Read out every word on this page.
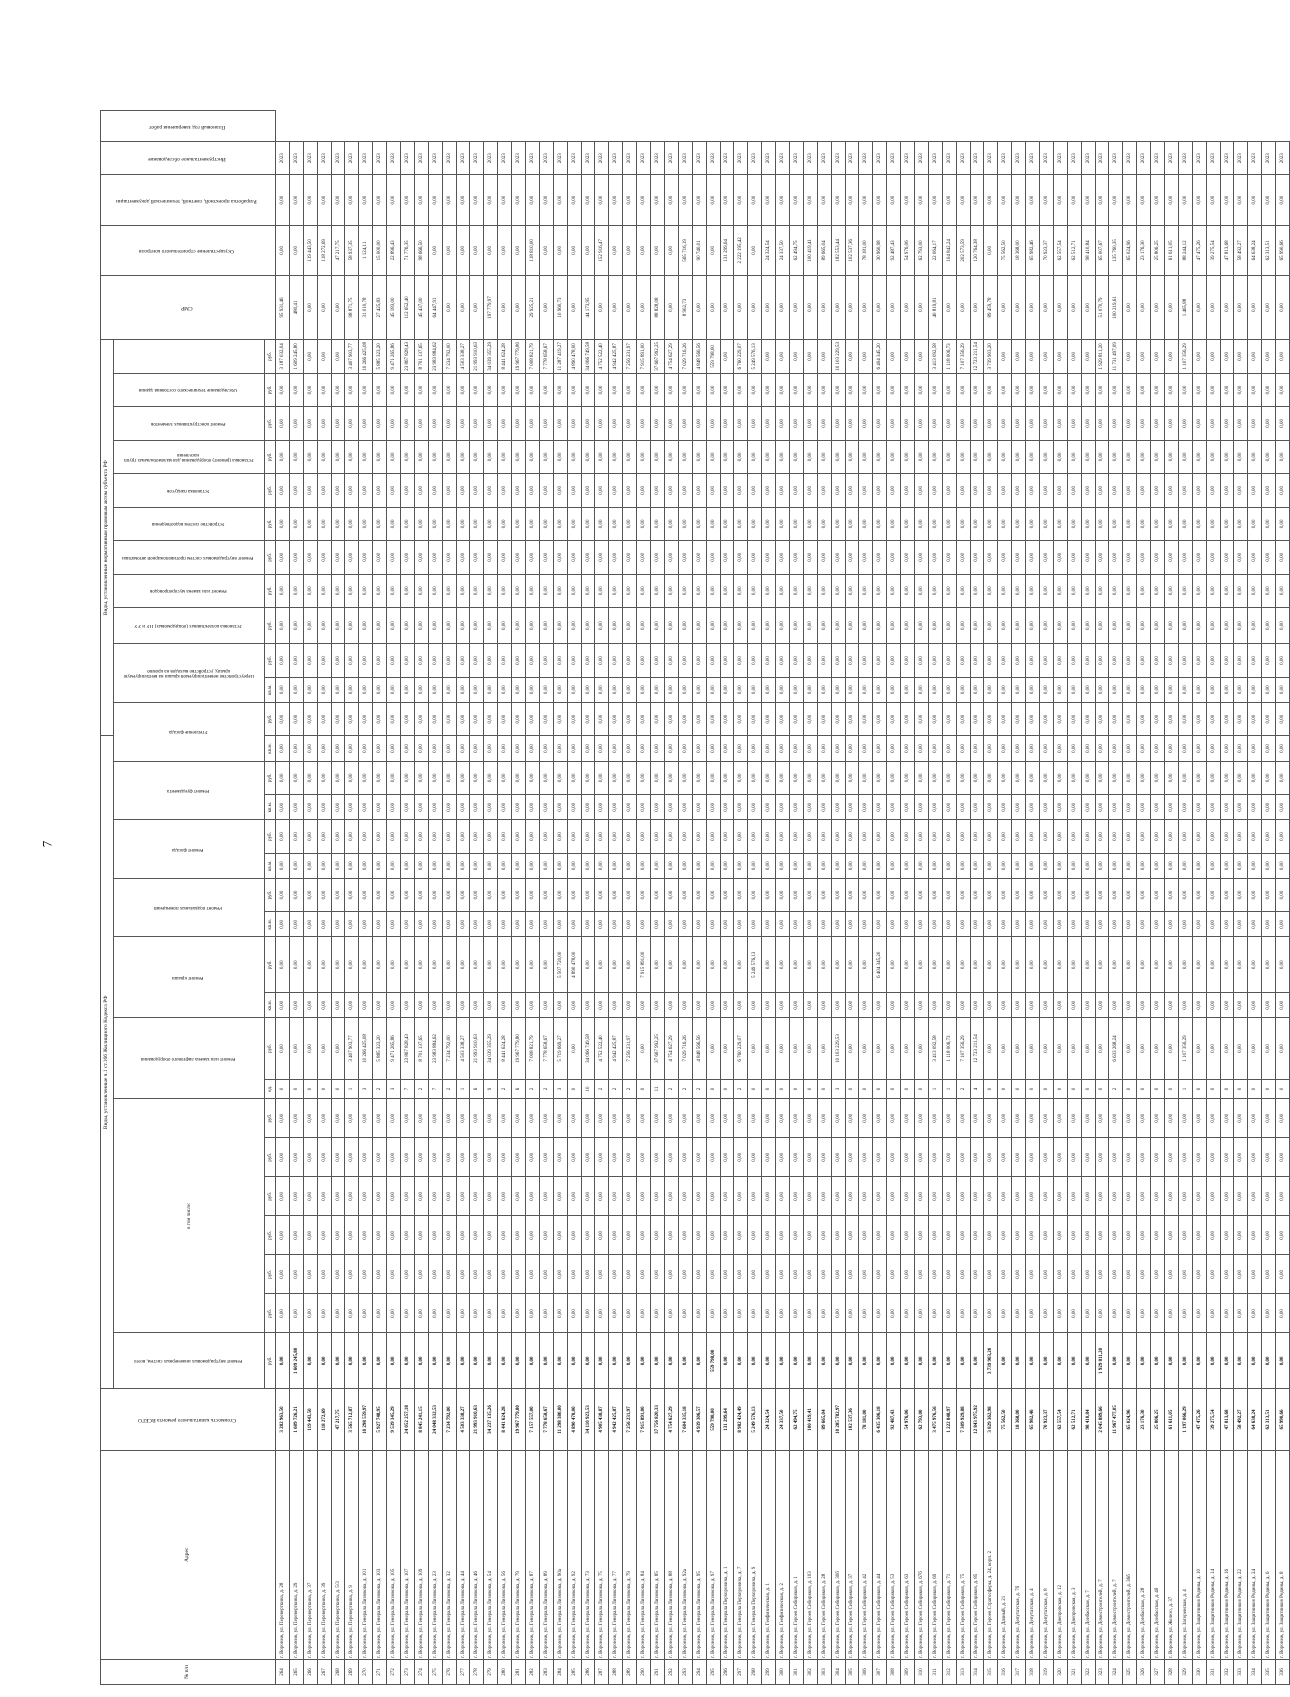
7
№ п/п	Адрес	Стоимость капитального ремонта ВСЕГО	Виды, установленные ч.1 ст.166 Жилищного Кодекса РФ																		Виды, установленные нормативным правовым актом субъекта РФ												СМР	Осуществление строительного контроля	Разработка проектной, сметной, технической документации	Инструментальное обследование	Плановый год завершения работ
			Ремонт внутридомовых инженерных систем, всего	в том числе:						Ремонт или замена лифтового оборудования		Ремонт крыши		Ремонт подвальных помещений		Ремонт фасада		Ремонт фундамента		Утепление фасада		Переустройство невентилируемой крыши на вентилируемую крышу, устройство выходов на кровлю		Установка коллективных (общедомовых) ПУ и УУ	Ремонт или замена мусоропроводов	Ремонт внутридомовых систем противопожарной автоматики	Устройство систем водоотведения	Установка пандусов	Установка (ремонт) оборудования для маломобильных групп населения	Ремонт конструктивных элементов	Обследование технического состояния здания						
			руб.	руб.	руб.	руб.	руб.	руб.	руб.	ед.	руб.	кв.м.	руб.	кв.м.	руб.	кв.м.	руб.	кв.м.	руб.	кв.м.	руб.	кв.м.	руб.	руб.	руб.	руб.	руб.	руб.	руб.	руб.	руб.	руб.					
264	г. Воронеж, ул. Переверткина, д. 28	3 282 963,50	0,00	0,00	0,00	0,00	0,00	0,00	0,00	0	0,00	0,00	0,00	0,00	0,00	0,00	0,00	0,00	0,00	0,00	0,00	0,00	0,00	0,00	0,00	0,00	0,00	0,00	0,00	0,00	0,00	3 187 032,04	95 931,46	0,00	0,00	2023	
265	г. Воронеж, ул. Переверткина, д. 29	1 609 726,21	1 609 245,80	0,00	0,00	0,00	0,00	0,00	0,00	0	0,00	0,00	0,00	0,00	0,00	0,00	0,00	0,00	0,00	0,00	0,00	0,00	0,00	0,00	0,00	0,00	0,00	0,00	0,00	0,00	0,00	1 609 245,80	480,41	0,00	0,00	2023	
266	г. Воронеж, ул. Переверткина, д. 37	119 443,50	0,00	0,00	0,00	0,00	0,00	0,00	0,00	0	0,00	0,00	0,00	0,00	0,00	0,00	0,00	0,00	0,00	0,00	0,00	0,00	0,00	0,00	0,00	0,00	0,00	0,00	0,00	0,00	0,00	0,00	0,00	119 443,50	0,00	2023	
267	г. Воронеж, ул. Переверткина, д. 39	118 272,69	0,00	0,00	0,00	0,00	0,00	0,00	0,00	0	0,00	0,00	0,00	0,00	0,00	0,00	0,00	0,00	0,00	0,00	0,00	0,00	0,00	0,00	0,00	0,00	0,00	0,00	0,00	0,00	0,00	0,00	0,00	118 272,69	0,00	2023	
268	г. Воронеж, ул. Переверткина, д. 5/3	47 217,75	0,00	0,00	0,00	0,00	0,00	0,00	0,00	0	0,00	0,00	0,00	0,00	0,00	0,00	0,00	0,00	0,00	0,00	0,00	0,00	0,00	0,00	0,00	0,00	0,00	0,00	0,00	0,00	0,00	0,00	0,00	47 217,75	0,00	2023	
269	г. Воронеж, ул. Переверткина, д. 9	3 565 712,87	0,00	0,00	0,00	0,00	0,00	0,00	0,00	1	3 407 903,77	0,00	0,00	0,00	0,00	0,00	0,00	0,00	0,00	0,00	0,00	0,00	0,00	0,00	0,00	0,00	0,00	0,00	0,00	0,00	0,00	3 407 903,77	98 871,75	58 937,35	0,00	2023	
270	г. Воронеж, ул. Генерала Лизюкова, д. 101	10 298 559,97	0,00	0,00	0,00	0,00	0,00	0,00	0,00	3	10 266 425,08	0,00	0,00	0,00	0,00	0,00	0,00	0,00	0,00	0,00	0,00	0,00	0,00	0,00	0,00	0,00	0,00	0,00	0,00	0,00	0,00	10 266 425,08	31 010,78	1 124,11	0,00	2023	
271	г. Воронеж, ул. Генерала Лизюкова, д. 103	5 927 748,95	0,00	0,00	0,00	0,00	0,00	0,00	0,00	2	5 885 323,20	0,00	0,00	0,00	0,00	0,00	0,00	0,00	0,00	0,00	0,00	0,00	0,00	0,00	0,00	0,00	0,00	0,00	0,00	0,00	0,00	5 885 323,20	27 425,83	15 000,00	0,00	2023	
272	г. Воронеж, ул. Генерала Лизюкова, д. 105	9 539 345,29	0,00	0,00	0,00	0,00	0,00	0,00	0,00	3	9 471 265,86	0,00	0,00	0,00	0,00	0,00	0,00	0,00	0,00	0,00	0,00	0,00	0,00	0,00	0,00	0,00	0,00	0,00	0,00	0,00	0,00	9 471 265,86	45 183,00	22 896,43	0,00	2023	
273	г. Воронеж, ул. Генерала Лизюкова, д. 107	24 052 257,18	0,00	0,00	0,00	0,00	0,00	0,00	0,00	7	23 867 828,43	0,00	0,00	0,00	0,00	0,00	0,00	0,00	0,00	0,00	0,00	0,00	0,00	0,00	0,00	0,00	0,00	0,00	0,00	0,00	0,00	23 867 828,43	112 652,40	71 776,35	0,00	2023	
274	г. Воронеж, ул. Генерала Лизюкова, д. 109	8 845 241,15	0,00	0,00	0,00	0,00	0,00	0,00	0,00	2	8 701 137,65	0,00	0,00	0,00	0,00	0,00	0,00	0,00	0,00	0,00	0,00	0,00	0,00	0,00	0,00	0,00	0,00	0,00	0,00	0,00	0,00	8 701 137,65	45 437,00	98 666,50	0,00	2023	
275	г. Воронеж, ул. Генерала Лизюкова, д. 23	24 048 332,53	0,00	0,00	0,00	0,00	0,00	0,00	0,00	7	23 983 884,62	0,00	0,00	0,00	0,00	0,00	0,00	0,00	0,00	0,00	0,00	0,00	0,00	0,00	0,00	0,00	0,00	0,00	0,00	0,00	0,00	23 983 884,62	64 447,91	0,00	0,00	2023	
276	г. Воронеж, ул. Генерала Лизюкова, д. 32	7 234 792,00	0,00	0,00	0,00	0,00	0,00	0,00	0,00	2	7 234 792,00	0,00	0,00	0,00	0,00	0,00	0,00	0,00	0,00	0,00	0,00	0,00	0,00	0,00	0,00	0,00	0,00	0,00	0,00	0,00	0,00	7 234 792,00	0,00	0,00	0,00	2023	
277	г. Воронеж, ул. Генерала Лизюкова, д. 44	4 503 338,27	0,00	0,00	0,00	0,00	0,00	0,00	0,00	1	4 503 338,27	0,00	0,00	0,00	0,00	0,00	0,00	0,00	0,00	0,00	0,00	0,00	0,00	0,00	0,00	0,00	0,00	0,00	0,00	0,00	0,00	4 503 338,27	0,00	0,00	0,00	2023	
278	г. Воронеж, ул. Генерала Лизюкова, д. 46	21 993 910,63	0,00	0,00	0,00	0,00	0,00	0,00	0,00	6	21 993 910,63	0,00	0,00	0,00	0,00	0,00	0,00	0,00	0,00	0,00	0,00	0,00	0,00	0,00	0,00	0,00	0,00	0,00	0,00	0,00	0,00	21 993 910,63	0,00	0,00	0,00	2023	
279	г. Воронеж, ул. Генерала Лизюкова, д. 54	34 237 135,26	0,00	0,00	0,00	0,00	0,00	0,00	0,00	9	34 039 355,29	0,00	0,00	0,00	0,00	0,00	0,00	0,00	0,00	0,00	0,00	0,00	0,00	0,00	0,00	0,00	0,00	0,00	0,00	0,00	0,00	34 039 355,29	197 779,97	0,00	0,00	2023	
280	г. Воронеж, ул. Генерала Лизюкова, д. 56	8 441 624,28	0,00	0,00	0,00	0,00	0,00	0,00	0,00	2	8 441 624,28	0,00	0,00	0,00	0,00	0,00	0,00	0,00	0,00	0,00	0,00	0,00	0,00	0,00	0,00	0,00	0,00	0,00	0,00	0,00	0,00	8 441 624,28	0,00	0,00	0,00	2023	
281	г. Воронеж, ул. Генерала Лизюкова, д. 79	19 967 779,80	0,00	0,00	0,00	0,00	0,00	0,00	0,00	6	19 967 779,80	0,00	0,00	0,00	0,00	0,00	0,00	0,00	0,00	0,00	0,00	0,00	0,00	0,00	0,00	0,00	0,00	0,00	0,00	0,00	0,00	19 967 779,80	0,00	0,00	0,00	2023	
282	г. Воронеж, ул. Генерала Лизюкова, д. 87	7 157 557,00	0,00	0,00	0,00	0,00	0,00	0,00	0,00	2	7 008 821,79	0,00	0,00	0,00	0,00	0,00	0,00	0,00	0,00	0,00	0,00	0,00	0,00	0,00	0,00	0,00	0,00	0,00	0,00	0,00	0,00	7 008 821,79	29 925,21	118 810,00	0,00	2023	
283	г. Воронеж, ул. Генерала Лизюкова, д. 89	7 778 658,67	0,00	0,00	0,00	0,00	0,00	0,00	0,00	2	7 778 658,67	0,00	0,00	0,00	0,00	0,00	0,00	0,00	0,00	0,00	0,00	0,00	0,00	0,00	0,00	0,00	0,00	0,00	0,00	0,00	0,00	7 778 658,67	0,00	0,00	0,00	2023	
284	г. Воронеж, ул. Генерала Лизюкова, д. 90а	11 298 380,00	0,00	0,00	0,00	0,00	0,00	0,00	0,00	3	5 719 669,27	0,00	5 507 720,00	0,00	0,00	0,00	0,00	0,00	0,00	0,00	0,00	0,00	0,00	0,00	0,00	0,00	0,00	0,00	0,00	0,00	0,00	11 287 419,27	10 960,73	0,00	0,00	2023	
285	г. Воронеж, ул. Генерала Лизюкова, д. 92	4 890 478,00	0,00	0,00	0,00	0,00	0,00	0,00	0,00	0	0,00	0,00	4 890 478,00	0,00	0,00	0,00	0,00	0,00	0,00	0,00	0,00	0,00	0,00	0,00	0,00	0,00	0,00	0,00	0,00	0,00	0,00	4 890 478,00	0,00	0,00	0,00	2023	
286	г. Воронеж, ул. Генерала Лизюкова, д. 73	34 110 923,53	0,00	0,00	0,00	0,00	0,00	0,00	0,00	10	34 066 749,58	0,00	0,00	0,00	0,00	0,00	0,00	0,00	0,00	0,00	0,00	0,00	0,00	0,00	0,00	0,00	0,00	0,00	0,00	0,00	0,00	34 066 749,58	44 173,95	0,00	0,00	2023	
287	г. Воронеж, ул. Генерала Лизюкова, д. 75	4 905 438,87	0,00	0,00	0,00	0,00	0,00	0,00	0,00	2	4 752 522,40	0,00	0,00	0,00	0,00	0,00	0,00	0,00	0,00	0,00	0,00	0,00	0,00	0,00	0,00	0,00	0,00	0,00	0,00	0,00	0,00	4 752 522,40	0,00	152 916,47	0,00	2023	
288	г. Воронеж, ул. Генерала Лизюкова, д. 77	4 942 425,87	0,00	0,00	0,00	0,00	0,00	0,00	0,00	2	4 942 425,87	0,00	0,00	0,00	0,00	0,00	0,00	0,00	0,00	0,00	0,00	0,00	0,00	0,00	0,00	0,00	0,00	0,00	0,00	0,00	0,00	4 942 425,87	0,00	0,00	0,00	2023	
289	г. Воронеж, ул. Генерала Лизюкова, д. 79	7 256 231,97	0,00	0,00	0,00	0,00	0,00	0,00	0,00	2	7 256 231,97	0,00	0,00	0,00	0,00	0,00	0,00	0,00	0,00	0,00	0,00	0,00	0,00	0,00	0,00	0,00	0,00	0,00	0,00	0,00	0,00	7 256 231,97	0,00	0,00	0,00	2023	
290	г. Воронеж, ул. Генерала Лизюкова, д. 84	7 915 891,00	0,00	0,00	0,00	0,00	0,00	0,00	0,00	0	0,00	0,00	7 915 891,00	0,00	0,00	0,00	0,00	0,00	0,00	0,00	0,00	0,00	0,00	0,00	0,00	0,00	0,00	0,00	0,00	0,00	0,00	7 915 891,00	0,00	0,00	0,00	2023	
291	г. Воронеж, ул. Генерала Лизюкова, д. 85	37 756 820,33	0,00	0,00	0,00	0,00	0,00	0,00	0,00	11	37 667 992,25	0,00	0,00	0,00	0,00	0,00	0,00	0,00	0,00	0,00	0,00	0,00	0,00	0,00	0,00	0,00	0,00	0,00	0,00	0,00	0,00	37 667 992,25	88 828,08	0,00	0,00	2023	
292	г. Воронеж, ул. Генерала Лизюкова, д. 88	4 754 627,29	0,00	0,00	0,00	0,00	0,00	0,00	0,00	2	4 754 627,29	0,00	0,00	0,00	0,00	0,00	0,00	0,00	0,00	0,00	0,00	0,00	0,00	0,00	0,00	0,00	0,00	0,00	0,00	0,00	0,00	4 754 627,29	0,00	0,00	0,00	2023	
293	г. Воронеж, ул. Генерала Лизюкова, д. 92а	7 604 335,18	0,00	0,00	0,00	0,00	0,00	0,00	0,00	2	7 029 716,26	0,00	0,00	0,00	0,00	0,00	0,00	0,00	0,00	0,00	0,00	0,00	0,00	0,00	0,00	0,00	0,00	0,00	0,00	0,00	0,00	7 029 716,26	8 902,73	565 716,19	0,00	2023	
294	г. Воронеж, ул. Генерала Лизюкова, д. 95	4 939 306,57	0,00	0,00	0,00	0,00	0,00	0,00	0,00	2	4 848 566,56	0,00	0,00	0,00	0,00	0,00	0,00	0,00	0,00	0,00	0,00	0,00	0,00	0,00	0,00	0,00	0,00	0,00	0,00	0,00	0,00	4 848 566,56	0,00	90 740,01	0,00	2023	
295	г. Воронеж, ул. Генерала Лизюкова, д. 97	559 798,00	559 798,00	0,00	0,00	0,00	0,00	0,00	0,00	0	0,00	0,00	0,00	0,00	0,00	0,00	0,00	0,00	0,00	0,00	0,00	0,00	0,00	0,00	0,00	0,00	0,00	0,00	0,00	0,00	0,00	559 798,00	0,00	0,00	0,00	2023	
296	г. Воронеж, ул. Генерала Перхоровича, д. 1	131 299,64	0,00	0,00	0,00	0,00	0,00	0,00	0,00	0	0,00	0,00	0,00	0,00	0,00	0,00	0,00	0,00	0,00	0,00	0,00	0,00	0,00	0,00	0,00	0,00	0,00	0,00	0,00	0,00	0,00	0,00	0,00	131 299,64	0,00	2023	
297	г. Воронеж, ул. Генерала Перхоровича, д. 7	8 982 424,49	0,00	0,00	0,00	0,00	0,00	0,00	0,00	2	6 760 229,07	0,00	0,00	0,00	0,00	0,00	0,00	0,00	0,00	0,00	0,00	0,00	0,00	0,00	0,00	0,00	0,00	0,00	0,00	0,00	0,00	6 760 229,07	0,00	2 222 195,42	0,00	2023	
298	г. Воронеж, ул. Генерала Перхоровича, д. 9	5 249 576,13	0,00	0,00	0,00	0,00	0,00	0,00	0,00	0	0,00	0,00	5 249 576,13	0,00	0,00	0,00	0,00	0,00	0,00	0,00	0,00	0,00	0,00	0,00	0,00	0,00	0,00	0,00	0,00	0,00	0,00	5 249 576,13	0,00	0,00	0,00	2023	
299	г. Воронеж, ул. Геофизическая, д. 1	24 324,54	0,00	0,00	0,00	0,00	0,00	0,00	0,00	0	0,00	0,00	0,00	0,00	0,00	0,00	0,00	0,00	0,00	0,00	0,00	0,00	0,00	0,00	0,00	0,00	0,00	0,00	0,00	0,00	0,00	0,00	0,00	24 324,54	0,00	2023	
300	г. Воронеж, ул. Геофизическая, д. 2	24 337,50	0,00	0,00	0,00	0,00	0,00	0,00	0,00	0	0,00	0,00	0,00	0,00	0,00	0,00	0,00	0,00	0,00	0,00	0,00	0,00	0,00	0,00	0,00	0,00	0,00	0,00	0,00	0,00	0,00	0,00	0,00	24 337,50	0,00	2023	
301	г. Воронеж, ул. Героев Сибиряков, д. 1	62 494,75	0,00	0,00	0,00	0,00	0,00	0,00	0,00	0	0,00	0,00	0,00	0,00	0,00	0,00	0,00	0,00	0,00	0,00	0,00	0,00	0,00	0,00	0,00	0,00	0,00	0,00	0,00	0,00	0,00	0,00	0,00	62 494,75	0,00	2023	
302	г. Воронеж, ул. Героев Сибиряков, д. 103	100 419,41	0,00	0,00	0,00	0,00	0,00	0,00	0,00	0	0,00	0,00	0,00	0,00	0,00	0,00	0,00	0,00	0,00	0,00	0,00	0,00	0,00	0,00	0,00	0,00	0,00	0,00	0,00	0,00	0,00	0,00	0,00	100 419,41	0,00	2023	
303	г. Воронеж, ул. Героев Сибиряков, д. 28	89 665,04	0,00	0,00	0,00	0,00	0,00	0,00	0,00	0	0,00	0,00	0,00	0,00	0,00	0,00	0,00	0,00	0,00	0,00	0,00	0,00	0,00	0,00	0,00	0,00	0,00	0,00	0,00	0,00	0,00	0,00	0,00	89 665,04	0,00	2023	
304	г. Воронеж, ул. Героев Сибиряков, д. 30б	10 285 782,97	0,00	0,00	0,00	0,00	0,00	0,00	0,00	3	10 103 229,53	0,00	0,00	0,00	0,00	0,00	0,00	0,00	0,00	0,00	0,00	0,00	0,00	0,00	0,00	0,00	0,00	0,00	0,00	0,00	0,00	10 103 229,53	0,00	182 553,44	0,00	2023	
305	г. Воронеж, ул. Героев Сибиряков, д. 37	102 537,36	0,00	0,00	0,00	0,00	0,00	0,00	0,00	0	0,00	0,00	0,00	0,00	0,00	0,00	0,00	0,00	0,00	0,00	0,00	0,00	0,00	0,00	0,00	0,00	0,00	0,00	0,00	0,00	0,00	0,00	0,00	102 537,36	0,00	2023	
306	г. Воронеж, ул. Героев Сибиряков, д. 42	78 181,00	0,00	0,00	0,00	0,00	0,00	0,00	0,00	0	0,00	0,00	0,00	0,00	0,00	0,00	0,00	0,00	0,00	0,00	0,00	0,00	0,00	0,00	0,00	0,00	0,00	0,00	0,00	0,00	0,00	0,00	0,00	78 181,00	0,00	2023	
307	г. Воронеж, ул. Героев Сибиряков, д. 44	6 435 306,18	0,00	0,00	0,00	0,00	0,00	0,00	0,00	0	0,00	0,00	6 404 345,20	0,00	0,00	0,00	0,00	0,00	0,00	0,00	0,00	0,00	0,00	0,00	0,00	0,00	0,00	0,00	0,00	0,00	0,00	6 404 345,20	0,00	30 960,98	0,00	2023	
308	г. Воронеж, ул. Героев Сибиряков, д. 53	92 487,43	0,00	0,00	0,00	0,00	0,00	0,00	0,00	0	0,00	0,00	0,00	0,00	0,00	0,00	0,00	0,00	0,00	0,00	0,00	0,00	0,00	0,00	0,00	0,00	0,00	0,00	0,00	0,00	0,00	0,00	0,00	92 487,43	0,00	2023	
309	г. Воронеж, ул. Героев Сибиряков, д. 63	54 976,06	0,00	0,00	0,00	0,00	0,00	0,00	0,00	0	0,00	0,00	0,00	0,00	0,00	0,00	0,00	0,00	0,00	0,00	0,00	0,00	0,00	0,00	0,00	0,00	0,00	0,00	0,00	0,00	0,00	0,00	0,00	54 976,06	0,00	2023	
310	г. Воронеж, ул. Героев Сибиряков, д. 67б	62 793,00	0,00	0,00	0,00	0,00	0,00	0,00	0,00	0	0,00	0,00	0,00	0,00	0,00	0,00	0,00	0,00	0,00	0,00	0,00	0,00	0,00	0,00	0,00	0,00	0,00	0,00	0,00	0,00	0,00	0,00	0,00	62 793,00	0,00	2023	
311	г. Воронеж, ул. Героев Сибиряков, д. 69	3 475 976,56	0,00	0,00	0,00	0,00	0,00	0,00	0,00	1	3 413 092,58	0,00	0,00	0,00	0,00	0,00	0,00	0,00	0,00	0,00	0,00	0,00	0,00	0,00	0,00	0,00	0,00	0,00	0,00	0,00	0,00	3 413 092,58	40 819,81	22 064,17	0,00	2023	
312	г. Воронеж, ул. Героев Сибиряков, д. 71	1 222 848,97	0,00	0,00	0,00	0,00	0,00	0,00	0,00	1	1 118 006,73	0,00	0,00	0,00	0,00	0,00	0,00	0,00	0,00	0,00	0,00	0,00	0,00	0,00	0,00	0,00	0,00	0,00	0,00	0,00	0,00	1 118 006,73	0,00	104 842,24	0,00	2023	
313	г. Воронеж, ул. Героев Сибиряков, д. 75	7 309 929,88	0,00	0,00	0,00	0,00	0,00	0,00	0,00	2	7 107 356,29	0,00	0,00	0,00	0,00	0,00	0,00	0,00	0,00	0,00	0,00	0,00	0,00	0,00	0,00	0,00	0,00	0,00	0,00	0,00	0,00	7 107 356,29	0,00	202 573,59	0,00	2023	
314	г. Воронеж, ул. Героев Сибиряков, д. 85	12 843 975,92	0,00	0,00	0,00	0,00	0,00	0,00	0,00	4	12 723 211,54	0,00	0,00	0,00	0,00	0,00	0,00	0,00	0,00	0,00	0,00	0,00	0,00	0,00	0,00	0,00	0,00	0,00	0,00	0,00	0,00	12 723 211,54	0,00	120 764,38	0,00	2023	
315	г. Воронеж, ул. Героев Стратосферы, д. 24, корп. 2	3 829 362,98	3 739 903,20	0,00	0,00	0,00	0,00	0,00	0,00	0	0,00	0,00	0,00	0,00	0,00	0,00	0,00	0,00	0,00	0,00	0,00	0,00	0,00	0,00	0,00	0,00	0,00	0,00	0,00	0,00	0,00	3 739 903,20	89 459,78	0,00	0,00	2023	
316	г. Воронеж, ул. Дачный, д. 21	75 562,50	0,00	0,00	0,00	0,00	0,00	0,00	0,00	0	0,00	0,00	0,00	0,00	0,00	0,00	0,00	0,00	0,00	0,00	0,00	0,00	0,00	0,00	0,00	0,00	0,00	0,00	0,00	0,00	0,00	0,00	0,00	75 562,50	0,00	2023	
317	г. Воронеж, ул. Депутатская, д. 7б	18 368,00	0,00	0,00	0,00	0,00	0,00	0,00	0,00	0	0,00	0,00	0,00	0,00	0,00	0,00	0,00	0,00	0,00	0,00	0,00	0,00	0,00	0,00	0,00	0,00	0,00	0,00	0,00	0,00	0,00	0,00	0,00	18 368,00	0,00	2023	
318	г. Воронеж, ул. Депутатская, д. 4	65 982,46	0,00	0,00	0,00	0,00	0,00	0,00	0,00	0	0,00	0,00	0,00	0,00	0,00	0,00	0,00	0,00	0,00	0,00	0,00	0,00	0,00	0,00	0,00	0,00	0,00	0,00	0,00	0,00	0,00	0,00	0,00	65 982,46	0,00	2023	
319	г. Воронеж, ул. Депутатская, д. 8	70 923,37	0,00	0,00	0,00	0,00	0,00	0,00	0,00	0	0,00	0,00	0,00	0,00	0,00	0,00	0,00	0,00	0,00	0,00	0,00	0,00	0,00	0,00	0,00	0,00	0,00	0,00	0,00	0,00	0,00	0,00	0,00	70 923,37	0,00	2023	
320	г. Воронеж, ул. Днепровская, д. 12	62 557,54	0,00	0,00	0,00	0,00	0,00	0,00	0,00	0	0,00	0,00	0,00	0,00	0,00	0,00	0,00	0,00	0,00	0,00	0,00	0,00	0,00	0,00	0,00	0,00	0,00	0,00	0,00	0,00	0,00	0,00	0,00	62 557,54	0,00	2023	
321	г. Воронеж, ул. Днепровская, д. 3	62 512,71	0,00	0,00	0,00	0,00	0,00	0,00	0,00	0	0,00	0,00	0,00	0,00	0,00	0,00	0,00	0,00	0,00	0,00	0,00	0,00	0,00	0,00	0,00	0,00	0,00	0,00	0,00	0,00	0,00	0,00	0,00	62 512,71	0,00	2023	
322	г. Воронеж, ул. Донбасская, д. 7	98 410,84	0,00	0,00	0,00	0,00	0,00	0,00	0,00	0	0,00	0,00	0,00	0,00	0,00	0,00	0,00	0,00	0,00	0,00	0,00	0,00	0,00	0,00	0,00	0,00	0,00	0,00	0,00	0,00	0,00	0,00	0,00	98 410,84	0,00	2023	
323	г. Воронеж, ул. Домостроителей, д. 7	2 045 889,66	1 929 811,20	0,00	0,00	0,00	0,00	0,00	0,00	0	0,00	0,00	0,00	0,00	0,00	0,00	0,00	0,00	0,00	0,00	0,00	0,00	0,00	0,00	0,00	0,00	0,00	0,00	0,00	0,00	0,00	1 929 811,20	51 070,79	65 007,67	0,00	2023	
324	г. Воронеж, ул. Домостроителей, д. 7	11 967 477,05	0,00	0,00	0,00	0,00	0,00	0,00	0,00	2	6 633 268,24	0,00	0,00	0,00	0,00	0,00	0,00	0,00	0,00	0,00	0,00	0,00	0,00	0,00	0,00	0,00	0,00	0,00	0,00	0,00	0,00	11 731 497,09	100 219,61	135 760,35	0,00	2023	
325	г. Воронеж, ул. Домостроителей, д. 36б	65 024,96	0,00	0,00	0,00	0,00	0,00	0,00	0,00	0	0,00	0,00	0,00	0,00	0,00	0,00	0,00	0,00	0,00	0,00	0,00	0,00	0,00	0,00	0,00	0,00	0,00	0,00	0,00	0,00	0,00	0,00	0,00	65 024,96	0,00	2023	
326	г. Воронеж, ул. Донбасская, д. 28	23 176,30	0,00	0,00	0,00	0,00	0,00	0,00	0,00	0	0,00	0,00	0,00	0,00	0,00	0,00	0,00	0,00	0,00	0,00	0,00	0,00	0,00	0,00	0,00	0,00	0,00	0,00	0,00	0,00	0,00	0,00	0,00	23 176,30	0,00	2023	
327	г. Воронеж, ул. Донбасская, д. 4б	25 806,25	0,00	0,00	0,00	0,00	0,00	0,00	0,00	0	0,00	0,00	0,00	0,00	0,00	0,00	0,00	0,00	0,00	0,00	0,00	0,00	0,00	0,00	0,00	0,00	0,00	0,00	0,00	0,00	0,00	0,00	0,00	25 806,25	0,00	2023	
328	г. Воронеж, ул. Железо, д. 37	61 611,05	0,00	0,00	0,00	0,00	0,00	0,00	0,00	0	0,00	0,00	0,00	0,00	0,00	0,00	0,00	0,00	0,00	0,00	0,00	0,00	0,00	0,00	0,00	0,00	0,00	0,00	0,00	0,00	0,00	0,00	0,00	61 611,05	0,00	2023	
329	г. Воронеж, ул. Загоренская, д. 4	1 197 066,29	0,00	0,00	0,00	0,00	0,00	0,00	0,00	1	1 107 356,29	0,00	0,00	0,00	0,00	0,00	0,00	0,00	0,00	0,00	0,00	0,00	0,00	0,00	0,00	0,00	0,00	0,00	0,00	0,00	0,00	1 107 356,29	1 465,88	88 244,12	0,00	2023	
330	г. Воронеж, ул. Защитников Родины, д. 10	47 475,26	0,00	0,00	0,00	0,00	0,00	0,00	0,00	0	0,00	0,00	0,00	0,00	0,00	0,00	0,00	0,00	0,00	0,00	0,00	0,00	0,00	0,00	0,00	0,00	0,00	0,00	0,00	0,00	0,00	0,00	0,00	47 475,26	0,00	2023	
331	г. Воронеж, ул. Защитников Родины, д. 14	39 275,54	0,00	0,00	0,00	0,00	0,00	0,00	0,00	0	0,00	0,00	0,00	0,00	0,00	0,00	0,00	0,00	0,00	0,00	0,00	0,00	0,00	0,00	0,00	0,00	0,00	0,00	0,00	0,00	0,00	0,00	0,00	39 275,54	0,00	2023	
332	г. Воронеж, ул. Защитников Родины, д. 16	47 813,68	0,00	0,00	0,00	0,00	0,00	0,00	0,00	0	0,00	0,00	0,00	0,00	0,00	0,00	0,00	0,00	0,00	0,00	0,00	0,00	0,00	0,00	0,00	0,00	0,00	0,00	0,00	0,00	0,00	0,00	0,00	47 813,68	0,00	2023	
333	г. Воронеж, ул. Защитников Родины, д. 22	58 492,27	0,00	0,00	0,00	0,00	0,00	0,00	0,00	0	0,00	0,00	0,00	0,00	0,00	0,00	0,00	0,00	0,00	0,00	0,00	0,00	0,00	0,00	0,00	0,00	0,00	0,00	0,00	0,00	0,00	0,00	0,00	58 492,27	0,00	2023	
334	г. Воронеж, ул. Защитников Родины, д. 24	64 638,24	0,00	0,00	0,00	0,00	0,00	0,00	0,00	0	0,00	0,00	0,00	0,00	0,00	0,00	0,00	0,00	0,00	0,00	0,00	0,00	0,00	0,00	0,00	0,00	0,00	0,00	0,00	0,00	0,00	0,00	0,00	64 638,24	0,00	2023	
335	г. Воронеж, ул. Защитников Родины, д. 6	62 313,51	0,00	0,00	0,00	0,00	0,00	0,00	0,00	0	0,00	0,00	0,00	0,00	0,00	0,00	0,00	0,00	0,00	0,00	0,00	0,00	0,00	0,00	0,00	0,00	0,00	0,00	0,00	0,00	0,00	0,00	0,00	62 313,51	0,00	2023	
336	г. Воронеж, ул. Защитников Родины, д. 8	65 990,66	0,00	0,00	0,00	0,00	0,00	0,00	0,00	0	0,00	0,00	0,00	0,00	0,00	0,00	0,00	0,00	0,00	0,00	0,00	0,00	0,00	0,00	0,00	0,00	0,00	0,00	0,00	0,00	0,00	0,00	0,00	65 990,66	0,00	2023	
